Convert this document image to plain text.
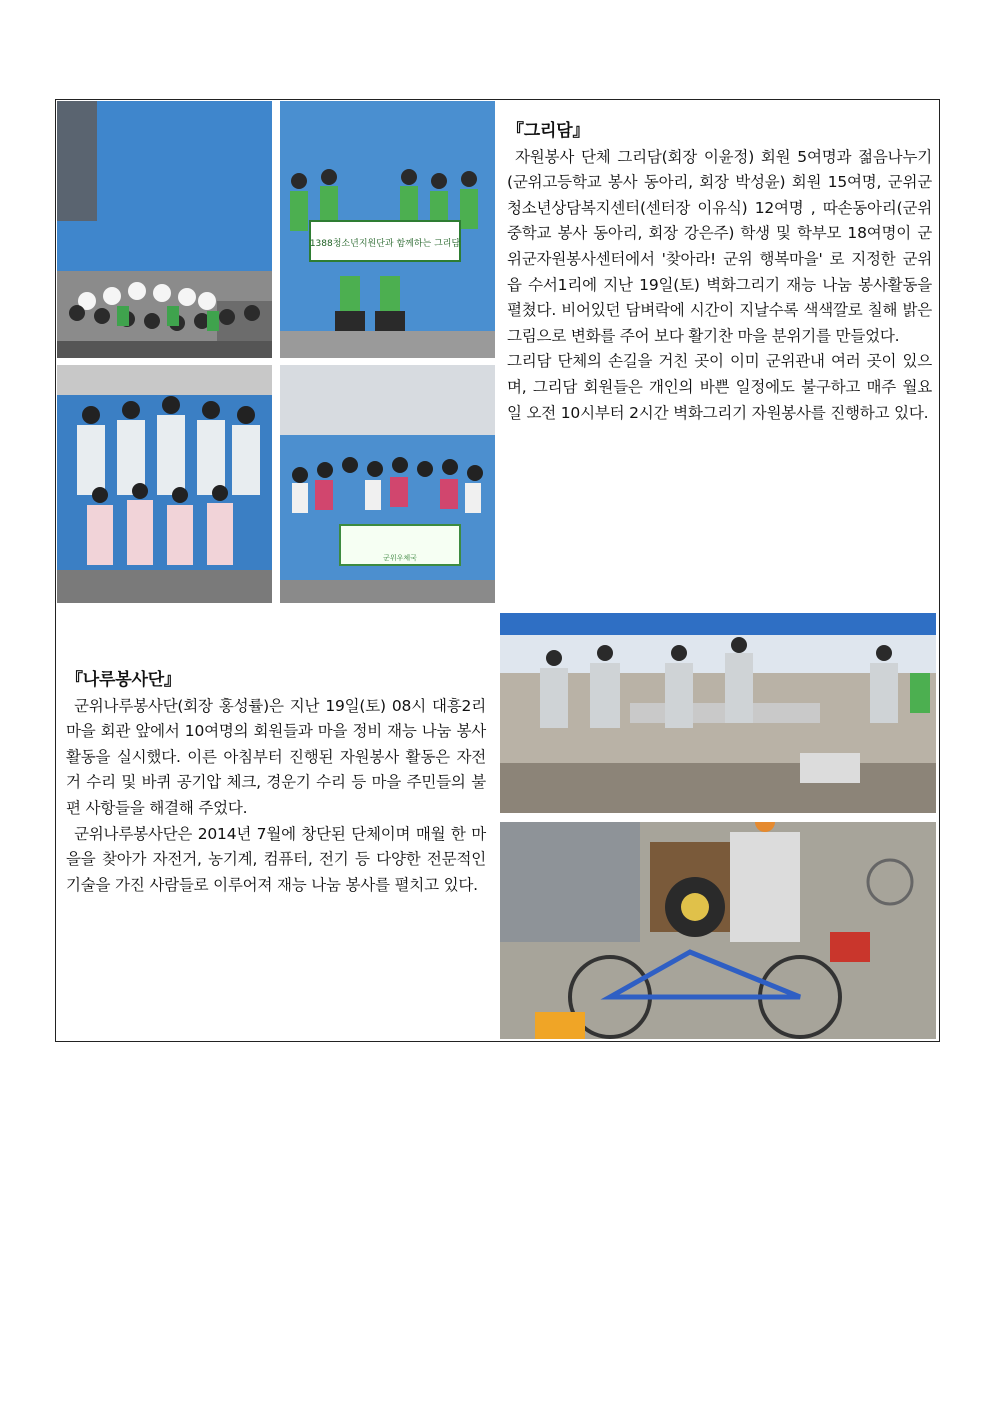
1388청소년지원단과 함께하는 그리담
군위우체국

『그리담』

자원봉사 단체 그리담(회장 이윤정) 회원 5여명과 젊음나누기(군위고등학교 봉사 동아리, 회장 박성윤) 회원 15여명, 군위군청소년상담복지센터(센터장 이유식) 12여명 , 따손동아리(군위중학교 봉사 동아리, 회장 강은주) 학생 및 학부모 18여명이 군위군자원봉사센터에서 '찾아라! 군위 행복마을' 로 지정한 군위읍 수서1리에 지난 19일(토) 벽화그리기 재능 나눔 봉사활동을 펼쳤다. 비어있던 담벼락에 시간이 지날수록 색색깔로 칠해 밝은 그림으로 변화를 주어 보다 활기찬 마을 분위기를 만들었다.

그리담 단체의 손길을 거친 곳이 이미 군위관내 여러 곳이 있으며, 그리담 회원들은 개인의 바쁜 일정에도 불구하고 매주 월요일 오전 10시부터 2시간 벽화그리기 자원봉사를 진행하고 있다.

『나루봉사단』

군위나루봉사단(회장 홍성률)은 지난 19일(토) 08시 대흥2리 마을 회관 앞에서 10여명의 회원들과 마을 정비 재능 나눔 봉사활동을 실시했다. 이른 아침부터 진행된 자원봉사 활동은 자전거 수리 및 바퀴 공기압 체크, 경운기 수리 등 마을 주민들의 불편 사항들을 해결해 주었다.

군위나루봉사단은 2014년 7월에 창단된 단체이며 매월 한 마을을 찾아가 자전거, 농기계, 컴퓨터, 전기 등 다양한 전문적인 기술을 가진 사람들로 이루어져 재능 나눔 봉사를 펼치고 있다.
